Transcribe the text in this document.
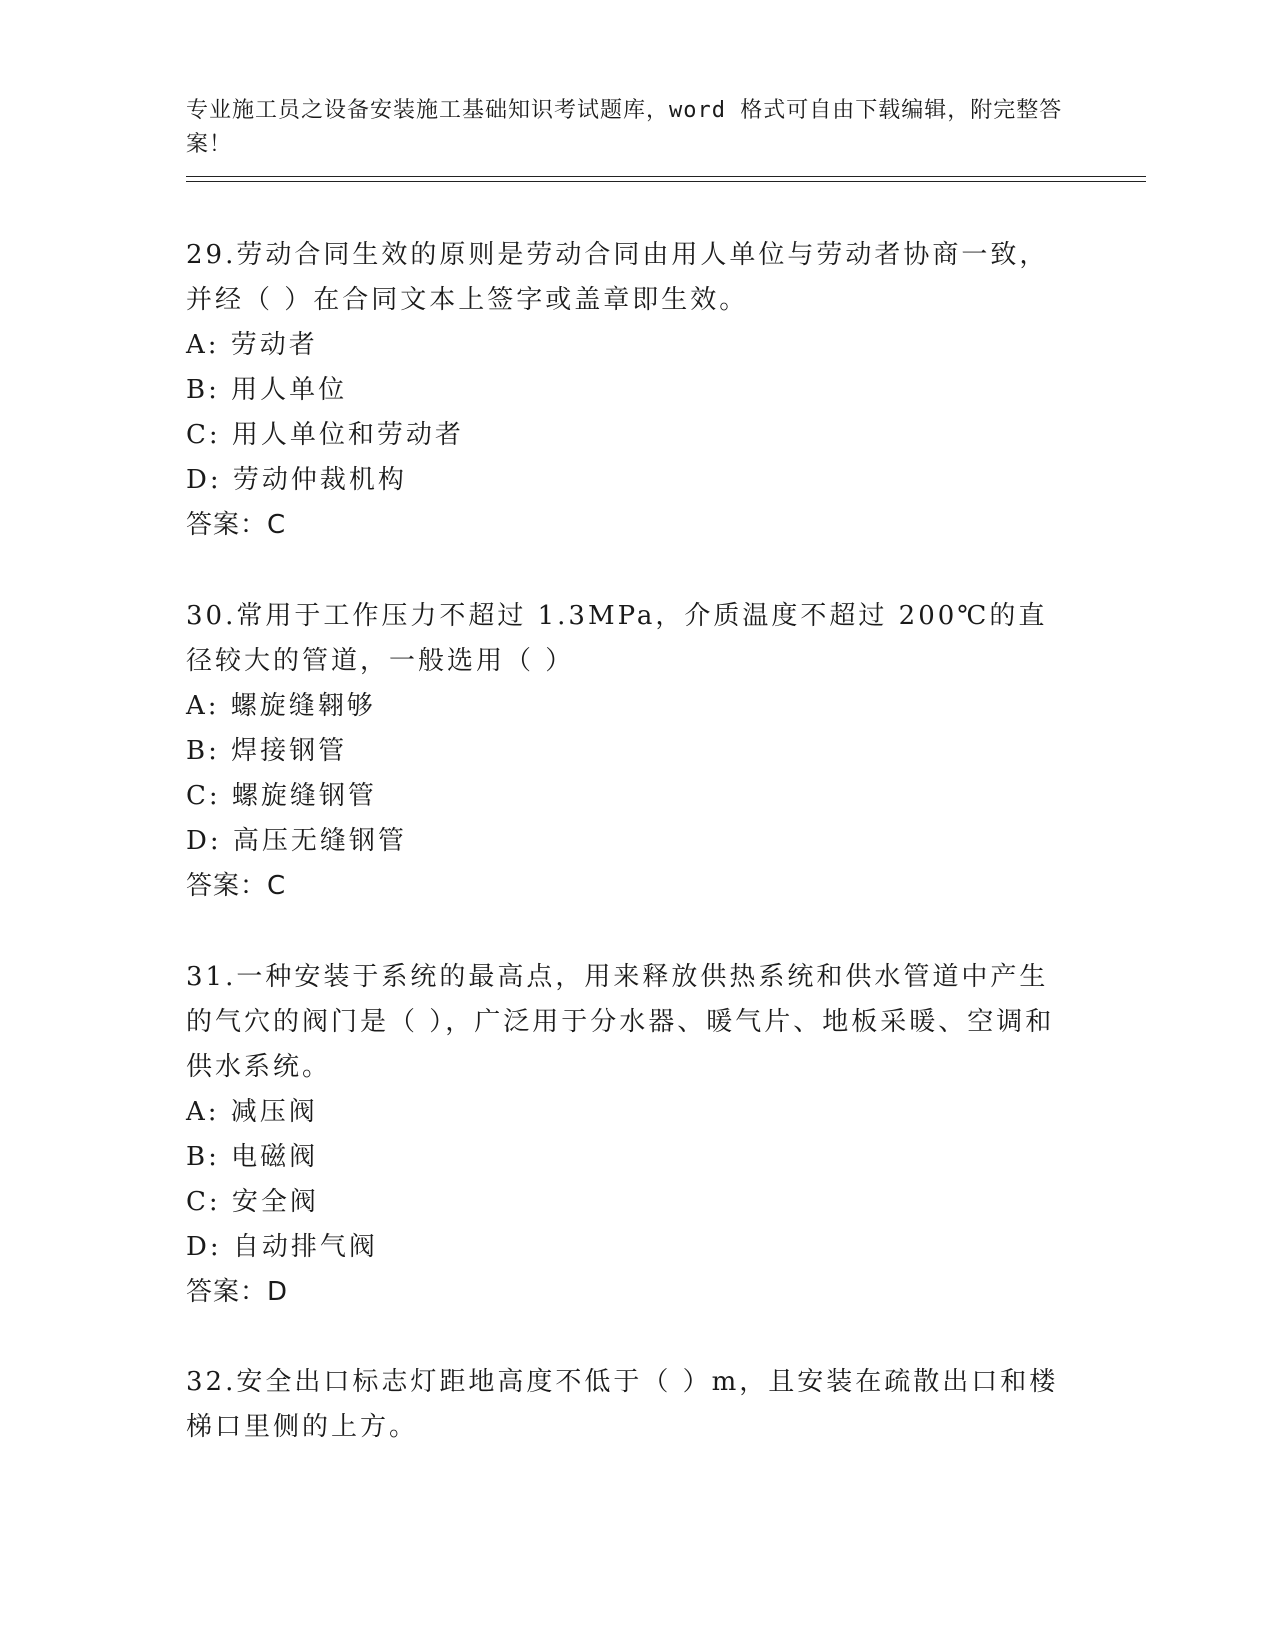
专业施工员之设备安装施工基础知识考试题库，word 格式可自由下载编辑，附完整答案！

29.劳动合同生效的原则是劳动合同由用人单位与劳动者协商一致，并经（ ）在合同文本上签字或盖章即生效。

A: 劳动者

B: 用人单位

C: 用人单位和劳动者

D: 劳动仲裁机构

答案：C

30.常用于工作压力不超过 1.3MPa，介质温度不超过 200℃的直径较大的管道，一般选用（ ）

A: 螺旋缝翱够

B: 焊接钢管

C: 螺旋缝钢管

D: 高压无缝钢管

答案：C

31.一种安装于系统的最高点，用来释放供热系统和供水管道中产生的气穴的阀门是（ ），广泛用于分水器、暖气片、地板采暖、空调和供水系统。

A: 减压阀

B: 电磁阀

C: 安全阀

D: 自动排气阀

答案：D

32.安全出口标志灯距地高度不低于（ ）m，且安装在疏散出口和楼梯口里侧的上方。
